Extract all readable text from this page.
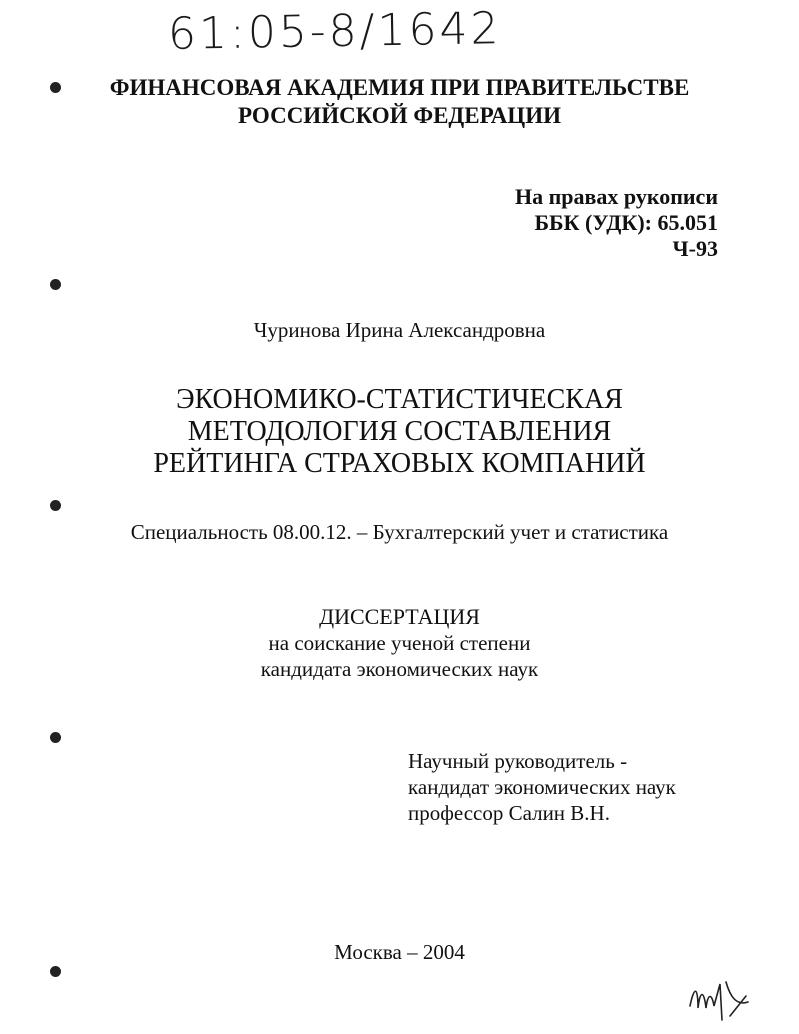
61:05-8/1642
ФИНАНСОВАЯ АКАДЕМИЯ ПРИ ПРАВИТЕЛЬСТВЕ
РОССИЙСКОЙ ФЕДЕРАЦИИ
На правах рукописи
ББК (УДК): 65.051
Ч-93
Чуринова Ирина Александровна
ЭКОНОМИКО-СТАТИСТИЧЕСКАЯ
МЕТОДОЛОГИЯ СОСТАВЛЕНИЯ
РЕЙТИНГА СТРАХОВЫХ КОМПАНИЙ
Специальность 08.00.12. – Бухгалтерский учет и статистика
ДИССЕРТАЦИЯ
на соискание ученой степени
кандидата экономических наук
Научный руководитель -
кандидат экономических наук
профессор Салин В.Н.
Москва – 2004
